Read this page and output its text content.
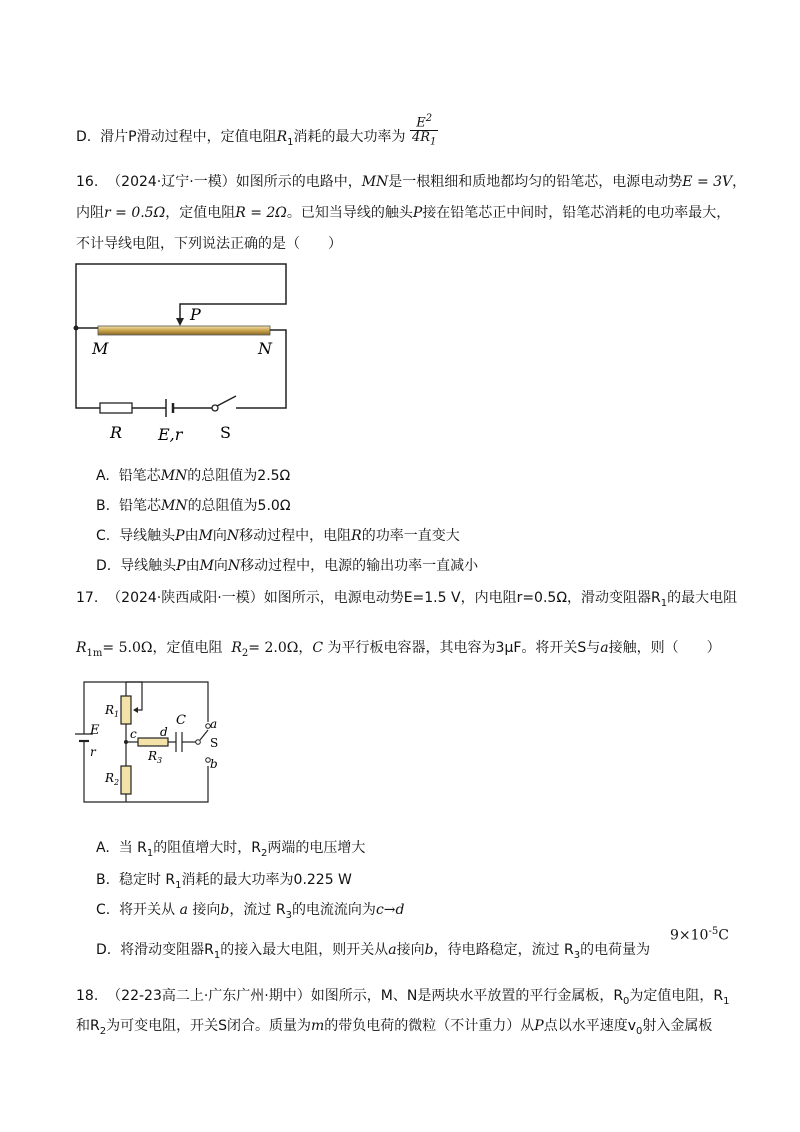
D. 滑片P滑动过程中，定值电阻$R_1$消耗的最大功率为 $\frac{E^2}{4R_1}$
16. （2024·辽宁·一模）如图所示的电路中，MN是一根粗细和质地都均匀的铅笔芯，电源电动势E = 3V，
内阻r = 0.5Ω，定值电阻R = 2Ω。已知当导线的触头P接在铅笔芯正中间时，铅笔芯消耗的电功率最大，
不计导线电阻，下列说法正确的是（　　）
P
M	N
R E,r S
A. 铅笔芯MN的总阻值为2.5Ω
B. 铅笔芯MN的总阻值为5.0Ω
C. 导线触头P由M向N移动过程中，电阻R的功率一直变大
D. 导线触头P由M向N移动过程中，电源的输出功率一直减小
17. （2024·陕西咸阳·一模）如图所示，电源电动势E=1.5 V，内电阻r=0.5Ω，滑动变阻器$R_1$的最大电阻
$R_{1m}= 5.0\Omega$，定值电阻 $R_2= 2.0\Omega$，C 为平行板电容器，其电容为3μF。将开关S与a接触，则（　　）
E
r
$R_1$
c d
C a
S
b
$R_3$
$R_2$
A. 当 $R_1$的阻值增大时，$R_2$两端的电压增大
B. 稳定时 $R_1$消耗的最大功率为0.225 W
C. 将开关从 a 接向b，流过 $R_3$的电流流向为c→d
D. 将滑动变阻器$R_1$的接入最大电阻，则开关从a接向b，待电路稳定，流过 $R_3$的电荷量为
$9\times 10^{-5}C$
18. （22-23高二上·广东广州·期中）如图所示，M、N是两块水平放置的平行金属板，$R_0$为定值电阻，$R_1$
和$R_2$为可变电阻，开关S闭合。质量为m的带负电荷的微粒（不计重力）从P点以水平速度$v_0$射入金属板
